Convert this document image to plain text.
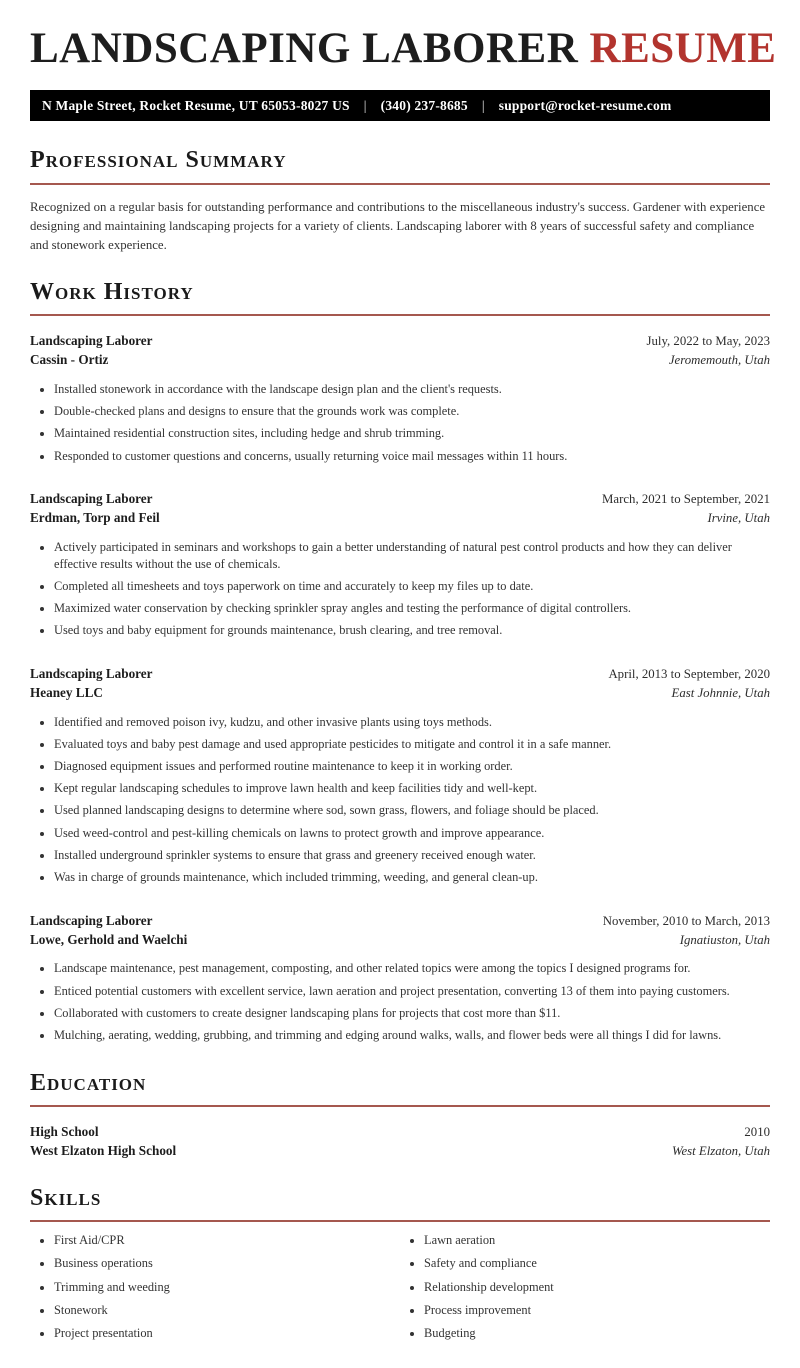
LANDSCAPING LABORER RESUME
N Maple Street, Rocket Resume, UT 65053-8027 US | (340) 237-8685 | support@rocket-resume.com
Professional Summary

Recognized on a regular basis for outstanding performance and contributions to the miscellaneous industry's success. Gardener with experience designing and maintaining landscaping projects for a variety of clients. Landscaping laborer with 8 years of successful safety and compliance and stonework experience.

Work History
Landscaping Laborer	July, 2022 to May, 2023
Cassin - Ortiz	Jeromemouth, Utah
• Installed stonework in accordance with the landscape design plan and the client's requests.
• Double-checked plans and designs to ensure that the grounds work was complete.
• Maintained residential construction sites, including hedge and shrub trimming.
• Responded to customer questions and concerns, usually returning voice mail messages within 11 hours.
Landscaping Laborer	March, 2021 to September, 2021
Erdman, Torp and Feil	Irvine, Utah
• Actively participated in seminars and workshops to gain a better understanding of natural pest control products and how they can deliver effective results without the use of chemicals.
• Completed all timesheets and toys paperwork on time and accurately to keep my files up to date.
• Maximized water conservation by checking sprinkler spray angles and testing the performance of digital controllers.
• Used toys and baby equipment for grounds maintenance, brush clearing, and tree removal.
Landscaping Laborer	April, 2013 to September, 2020
Heaney LLC	East Johnnie, Utah
• Identified and removed poison ivy, kudzu, and other invasive plants using toys methods.
• Evaluated toys and baby pest damage and used appropriate pesticides to mitigate and control it in a safe manner.
• Diagnosed equipment issues and performed routine maintenance to keep it in working order.
• Kept regular landscaping schedules to improve lawn health and keep facilities tidy and well-kept.
• Used planned landscaping designs to determine where sod, sown grass, flowers, and foliage should be placed.
• Used weed-control and pest-killing chemicals on lawns to protect growth and improve appearance.
• Installed underground sprinkler systems to ensure that grass and greenery received enough water.
• Was in charge of grounds maintenance, which included trimming, weeding, and general clean-up.
Landscaping Laborer	November, 2010 to March, 2013
Lowe, Gerhold and Waelchi	Ignatiuston, Utah
• Landscape maintenance, pest management, composting, and other related topics were among the topics I designed programs for.
• Enticed potential customers with excellent service, lawn aeration and project presentation, converting 13 of them into paying customers.
• Collaborated with customers to create designer landscaping plans for projects that cost more than $11.
• Mulching, aerating, wedding, grubbing, and trimming and edging around walks, walls, and flower beds were all things I did for lawns.
Education
High School	2010
West Elzaton High School	West Elzaton, Utah
Skills
• First Aid/CPR
• Business operations
• Trimming and weeding
• Stonework
• Project presentation
• Lawn aeration
• Safety and compliance
• Relationship development
• Process improvement
• Budgeting
